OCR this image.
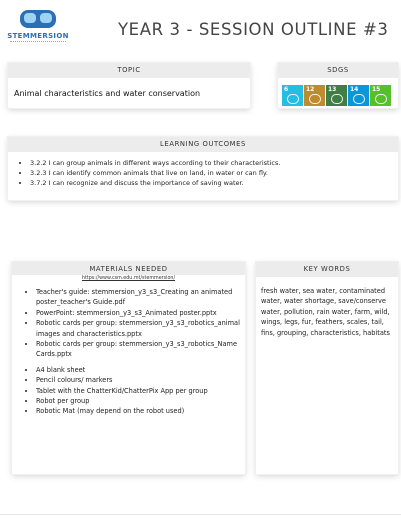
STEMMERSION	YEAR 3 - SESSION OUTLINE #3
TOPIC
Animal characteristics and water conservation
SDGS
6	12 13 14 15
LEARNING OUTCOMES
• 3.2.2 I can group animals in different ways according to their characteristics.
• 3.2.3 I can identify common animals that live on land, in water or can fly.
• 3.7.2 I can recognize and discuss the importance of saving water.
MATERIALS NEEDED
https://www.csm.edu.mt/stemmersion/
• Teacher's guide: stemmersion_y3_s3_Creating an animated poster_teacher's Guide.pdf
• PowerPoint: stemmersion_y3_s3_Animated poster.pptx
• Robotic cards per group: stemmersion_y3_s3_robotics_animal images and characteristics.pptx
• Robotic cards per group: stemmersion_y3_s3_robotics_Name Cards.pptx
• A4 blank sheet
• Pencil colours/ markers
• Tablet with the ChatterKid/ChatterPix App per group
• Robot per group
• Robotic Mat (may depend on the robot used)
KEY WORDS
fresh water, sea water, contaminated water, water shortage, save/conserve water, pollution, rain water, farm, wild, wings, legs, fur, feathers, scales, tail, fins, grouping, characteristics, habitats
